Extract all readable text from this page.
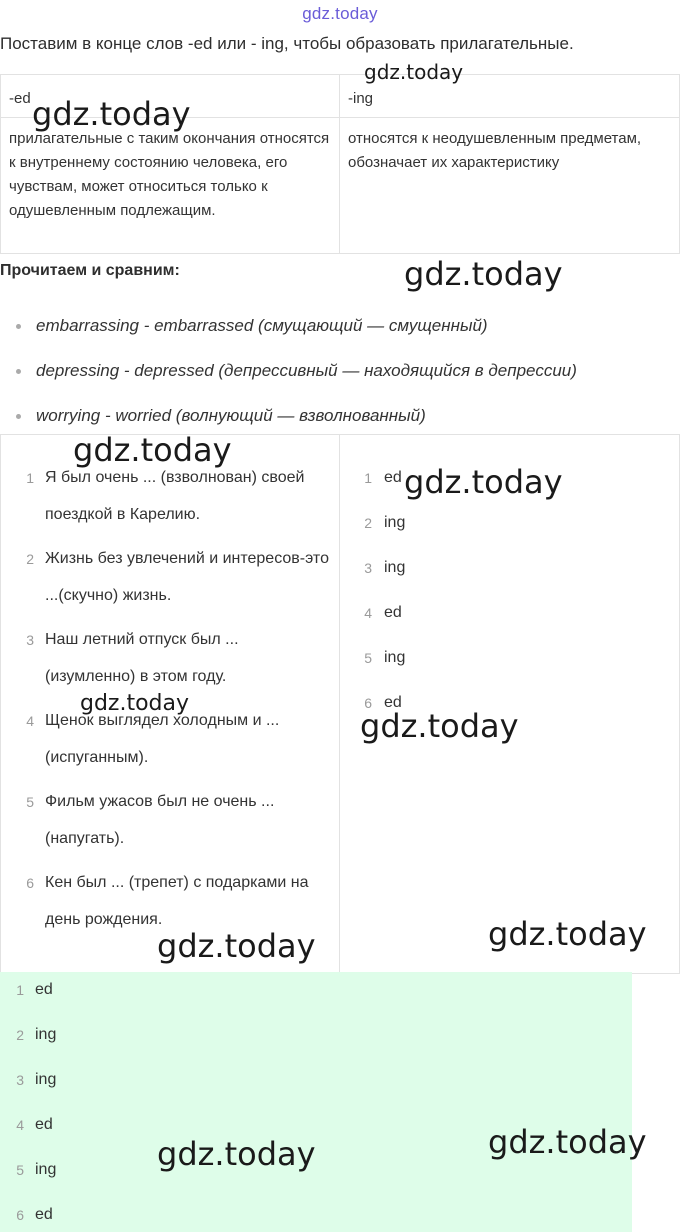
gdz.today
Поставим в конце слов -ed или - ing, чтобы образовать прилагательные.
-ed	-ing
прилагательные с таким окончания относятся к внутреннему состоянию человека, его чувствам, может относиться только к одушевленным подлежащим.
относятся к неодушевленным предметам, обозначает их характеристику
Прочитаем и сравним:
embarrassing - embarrassed (смущающий — смущенный)
depressing - depressed (депрессивный — находящийся в депрессии)
worrying - worried (волнующий — взволнованный)
1 Я был очень ... (взволнован) своей поездкой в Карелию.
2 Жизнь без увлечений и интересов-это ...(скучно) жизнь.
3 Наш летний отпуск был ... (изумленно) в этом году.
4 Щенок выглядел холодным и ... (испуганным).
5 Фильм ужасов был не очень ... (напугать).
6 Кен был ... (трепет) с подарками на день рождения.
1 ed
2 ing
3 ing
4 ed
5 ing
6 ed
1 ed
2 ing
3 ing
4 ed
5 ing
6 ed
gdz.today
gdz.today
gdz.today
gdz.today
gdz.today
gdz.today
gdz.today
gdz.today
gdz.today
gdz.today
gdz.today
